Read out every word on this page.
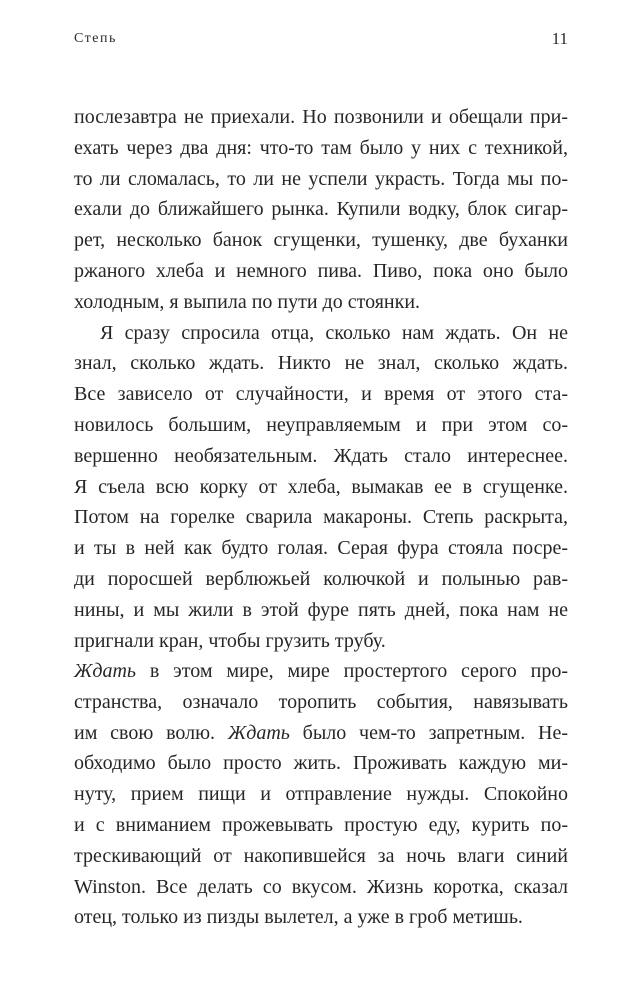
Степь	11
послезавтра не приехали. Но позвонили и обещали при-
ехать через два дня: что-то там было у них с техникой,
то ли сломалась, то ли не успели украсть. Тогда мы по-
ехали до ближайшего рынка. Купили водку, блок сигар-
рет, несколько банок сгущенки, тушенку, две буханки
ржаного хлеба и немного пива. Пиво, пока оно было
холодным, я выпила по пути до стоянки.
Я сразу спросила отца, сколько нам ждать. Он не
знал, сколько ждать. Никто не знал, сколько ждать.
Все зависело от случайности, и время от этого ста-
новилось большим, неуправляемым и при этом со-
вершенно необязательным. Ждать стало интереснее.
Я съела всю корку от хлеба, вымакав ее в сгущенке.
Потом на горелке сварила макароны. Степь раскрыта,
и ты в ней как будто голая. Серая фура стояла посре-
ди поросшей верблюжьей колючкой и полынью рав-
нины, и мы жили в этой фуре пять дней, пока нам не
пригнали кран, чтобы грузить трубу.
Ждать в этом мире, мире простертого серого про-
странства, означало торопить события, навязывать
им свою волю. Ждать было чем-то запретным. Не-
обходимо было просто жить. Проживать каждую ми-
нуту, прием пищи и отправление нужды. Спокойно
и с вниманием прожевывать простую еду, курить по-
трескивающий от накопившейся за ночь влаги синий
Winston. Все делать со вкусом. Жизнь коротка, сказал
отец, только из пизды вылетел, а уже в гроб метишь.
